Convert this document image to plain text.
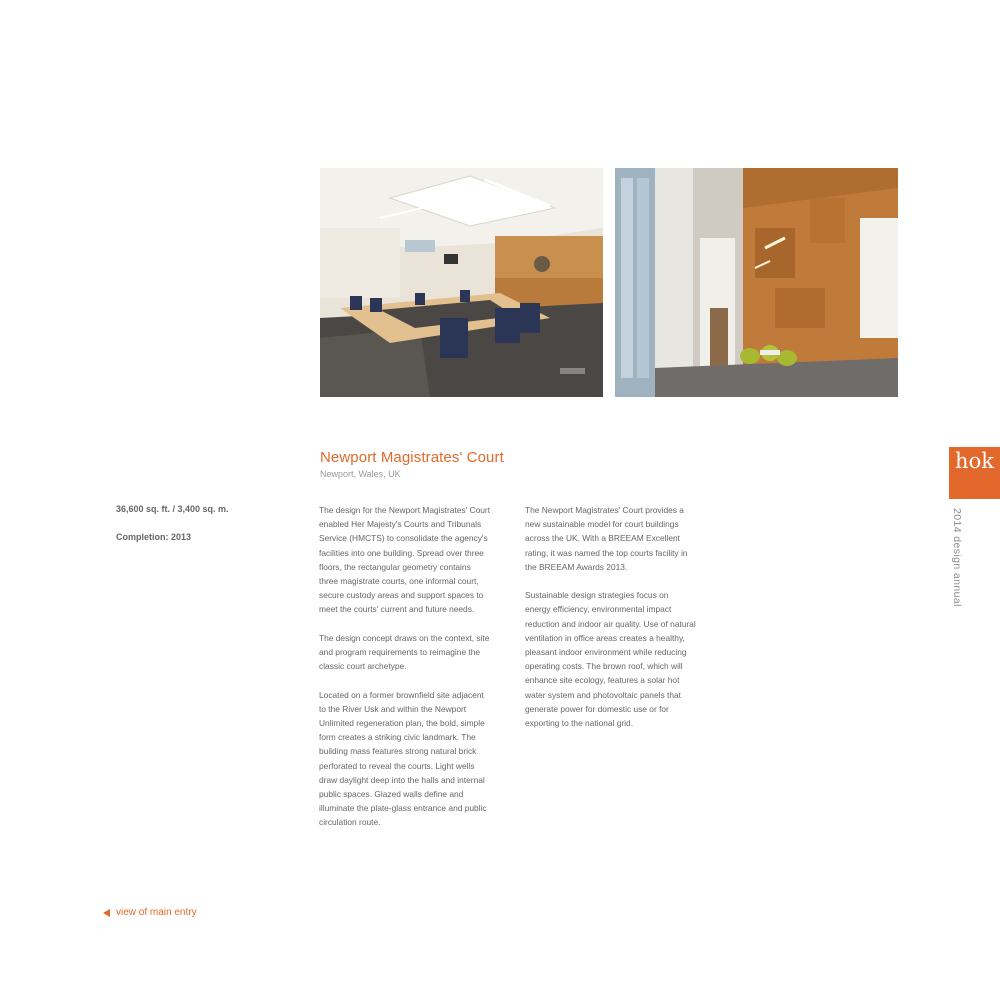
Newport Magistrates' Court
Newport, Wales, UK
36,600 sq. ft. / 3,400 sq. m.
Completion: 2013

The design for the Newport Magistrates' Court
enabled Her Majesty's Courts and Tribunals
Service (HMCTS) to consolidate the agency's
facilities into one building. Spread over three
floors, the rectangular geometry contains
three magistrate courts, one informal court,
secure custody areas and support spaces to
meet the courts' current and future needs.

The design concept draws on the context, site
and program requirements to reimagine the
classic court archetype.

Located on a former brownfield site adjacent
to the River Usk and within the Newport
Unlimited regeneration plan, the bold, simple
form creates a striking civic landmark. The
building mass features strong natural brick
perforated to reveal the courts. Light wells
draw daylight deep into the halls and internal
public spaces. Glazed walls define and
illuminate the plate-glass entrance and public
circulation route.

The Newport Magistrates' Court provides a
new sustainable model for court buildings
across the UK. With a BREEAM Excellent
rating, it was named the top courts facility in
the BREEAM Awards 2013.

Sustainable design strategies focus on
energy efficiency, environmental impact
reduction and indoor air quality. Use of natural
ventilation in office areas creates a healthy,
pleasant indoor environment while reducing
operating costs. The brown roof, which will
enhance site ecology, features a solar hot
water system and photovoltaic panels that
generate power for domestic use or for
exporting to the national grid.

hok
2014 design annual
view of main entry
